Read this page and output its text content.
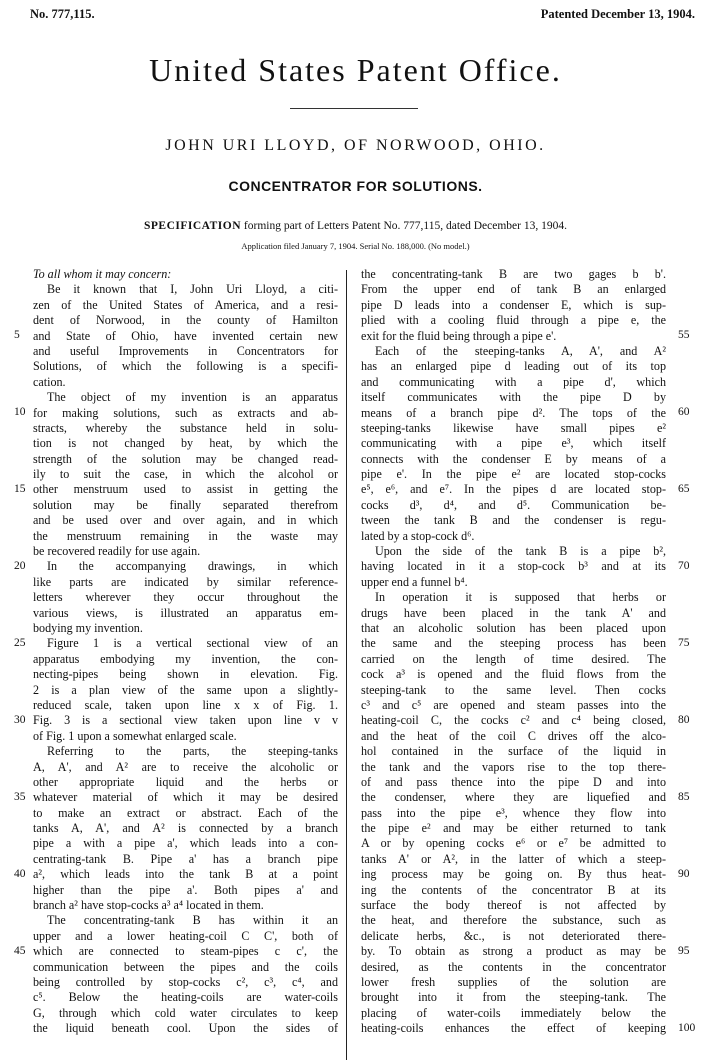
No. 777,115.	Patented December 13, 1904.
United States Patent Office.
JOHN URI LLOYD, OF NORWOOD, OHIO.
CONCENTRATOR FOR SOLUTIONS.
SPECIFICATION forming part of Letters Patent No. 777,115, dated December 13, 1904.
Application filed January 7, 1904. Serial No. 188,000. (No model.)
To all whom it may concern:
Be it known that I, John Uri Lloyd, a citi-
zen of the United States of America, and a resi-
dent of Norwood, in the county of Hamilton
and State of Ohio, have invented certain new
and useful Improvements in Concentrators for
Solutions, of which the following is a specifi-
cation.
The object of my invention is an apparatus
for making solutions, such as extracts and ab-
stracts, whereby the substance held in solu-
tion is not changed by heat, by which the
strength of the solution may be changed read-
ily to suit the case, in which the alcohol or
other menstruum used to assist in getting the
solution may be finally separated therefrom
and be used over and over again, and in which
the menstruum remaining in the waste may
be recovered readily for use again.
In the accompanying drawings, in which
like parts are indicated by similar reference-
letters wherever they occur throughout the
various views, is illustrated an apparatus em-
bodying my invention.
Figure 1 is a vertical sectional view of an
apparatus embodying my invention, the con-
necting-pipes being shown in elevation. Fig.
2 is a plan view of the same upon a slightly-
reduced scale, taken upon line x x of Fig. 1.
Fig. 3 is a sectional view taken upon line v v
of Fig. 1 upon a somewhat enlarged scale.
Referring to the parts, the steeping-tanks
A, A', and A² are to receive the alcoholic or
other appropriate liquid and the herbs or
whatever material of which it may be desired
to make an extract or abstract. Each of the
tanks A, A', and A² is connected by a branch
pipe a with a pipe a', which leads into a con-
centrating-tank B. Pipe a' has a branch pipe
a², which leads into the tank B at a point
higher than the pipe a'. Both pipes a' and
branch a² have stop-cocks a³ a⁴ located in them.
The concentrating-tank B has within it an
upper and a lower heating-coil C C', both of
which are connected to steam-pipes c c', the
communication between the pipes and the coils
being controlled by stop-cocks c², c³, c⁴, and
c⁵. Below the heating-coils are water-coils
G, through which cold water circulates to keep
the liquid beneath cool. Upon the sides of
the concentrating-tank B are two gages b b'.
From the upper end of tank B an enlarged
pipe D leads into a condenser E, which is sup-
plied with a cooling fluid through a pipe e, the
exit for the fluid being through a pipe e'.
Each of the steeping-tanks A, A', and A²
has an enlarged pipe d leading out of its top
and communicating with a pipe d', which
itself communicates with the pipe D by
means of a branch pipe d². The tops of the
steeping-tanks likewise have small pipes e²
communicating with a pipe e³, which itself
connects with the condenser E by means of a
pipe e'. In the pipe e² are located stop-cocks
e⁵, e⁶, and e⁷. In the pipes d are located stop-
cocks d³, d⁴, and d⁵. Communication be-
tween the tank B and the condenser is regu-
lated by a stop-cock d⁶.
Upon the side of the tank B is a pipe b²,
having located in it a stop-cock b³ and at its
upper end a funnel b⁴.
In operation it is supposed that herbs or
drugs have been placed in the tank A' and
that an alcoholic solution has been placed upon
the same and the steeping process has been
carried on the length of time desired. The
cock a³ is opened and the fluid flows from the
steeping-tank to the same level. Then cocks
c³ and c⁵ are opened and steam passes into the
heating-coil C, the cocks c² and c⁴ being closed,
and the heat of the coil C drives off the alco-
hol contained in the surface of the liquid in
the tank and the vapors rise to the top there-
of and pass thence into the pipe D and into
the condenser, where they are liquefied and
pass into the pipe e³, whence they flow into
the pipe e² and may be either returned to tank
A or by opening cocks e⁶ or e⁷ be admitted to
tanks A' or A², in the latter of which a steep-
ing process may be going on. By thus heat-
ing the contents of the concentrator B at its
surface the body thereof is not affected by
the heat, and therefore the substance, such as
delicate herbs, &c., is not deteriorated there-
by. To obtain as strong a product as may be
desired, as the contents in the concentrator
lower fresh supplies of the solution are
brought into it from the steeping-tank. The
placing of water-coils immediately below the
heating-coils enhances the effect of keeping
5
10
15
20
25
30
35
40
45
55
60
65
70
75
80
85
90
95
100
